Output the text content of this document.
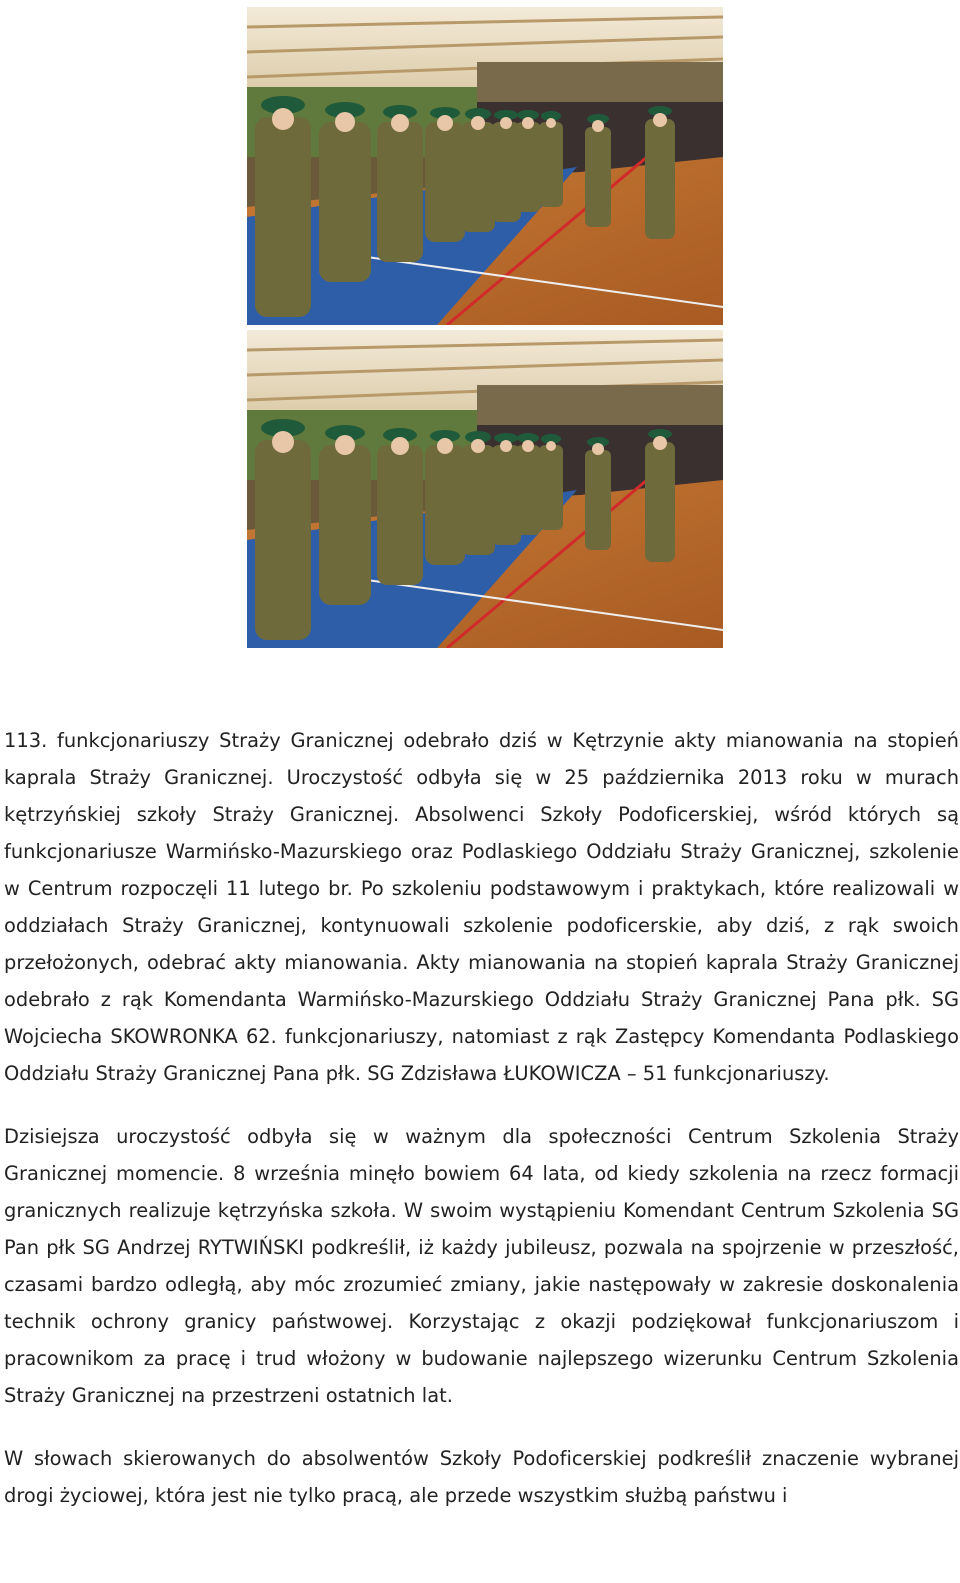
113. funkcjonariuszy Straży Granicznej odebrało dziś w Kętrzynie akty mianowania na stopień kaprala Straży Granicznej. Uroczystość odbyła się w 25 października 2013 roku w murach kętrzyńskiej szkoły Straży Granicznej. Absolwenci Szkoły Podoficerskiej, wśród których są funkcjonariusze Warmińsko-Mazurskiego oraz Podlaskiego Oddziału Straży Granicznej, szkolenie w Centrum rozpoczęli 11 lutego br. Po szkoleniu podstawowym i praktykach, które realizowali w oddziałach Straży Granicznej, kontynuowali szkolenie podoficerskie, aby dziś, z rąk swoich przełożonych, odebrać akty mianowania. Akty mianowania na stopień kaprala Straży Granicznej odebrało z rąk Komendanta Warmińsko-Mazurskiego Oddziału Straży Granicznej Pana płk. SG Wojciecha SKOWRONKA 62. funkcjonariuszy, natomiast z rąk Zastępcy Komendanta Podlaskiego Oddziału Straży Granicznej Pana płk. SG Zdzisława ŁUKOWICZA – 51 funkcjonariuszy.

Dzisiejsza uroczystość odbyła się w ważnym dla społeczności Centrum Szkolenia Straży Granicznej momencie. 8 września minęło bowiem 64 lata, od kiedy szkolenia na rzecz formacji granicznych realizuje kętrzyńska szkoła. W swoim wystąpieniu Komendant Centrum Szkolenia SG Pan płk SG Andrzej RYTWIŃSKI podkreślił, iż każdy jubileusz, pozwala na spojrzenie w przeszłość, czasami bardzo odległą, aby móc zrozumieć zmiany, jakie następowały w zakresie doskonalenia technik ochrony granicy państwowej. Korzystając z okazji podziękował funkcjonariuszom i pracownikom za pracę i trud włożony w budowanie najlepszego wizerunku Centrum Szkolenia Straży Granicznej na przestrzeni ostatnich lat.

W słowach skierowanych do absolwentów Szkoły Podoficerskiej podkreślił znaczenie wybranej drogi życiowej, która jest nie tylko pracą, ale przede wszystkim służbą państwu i
